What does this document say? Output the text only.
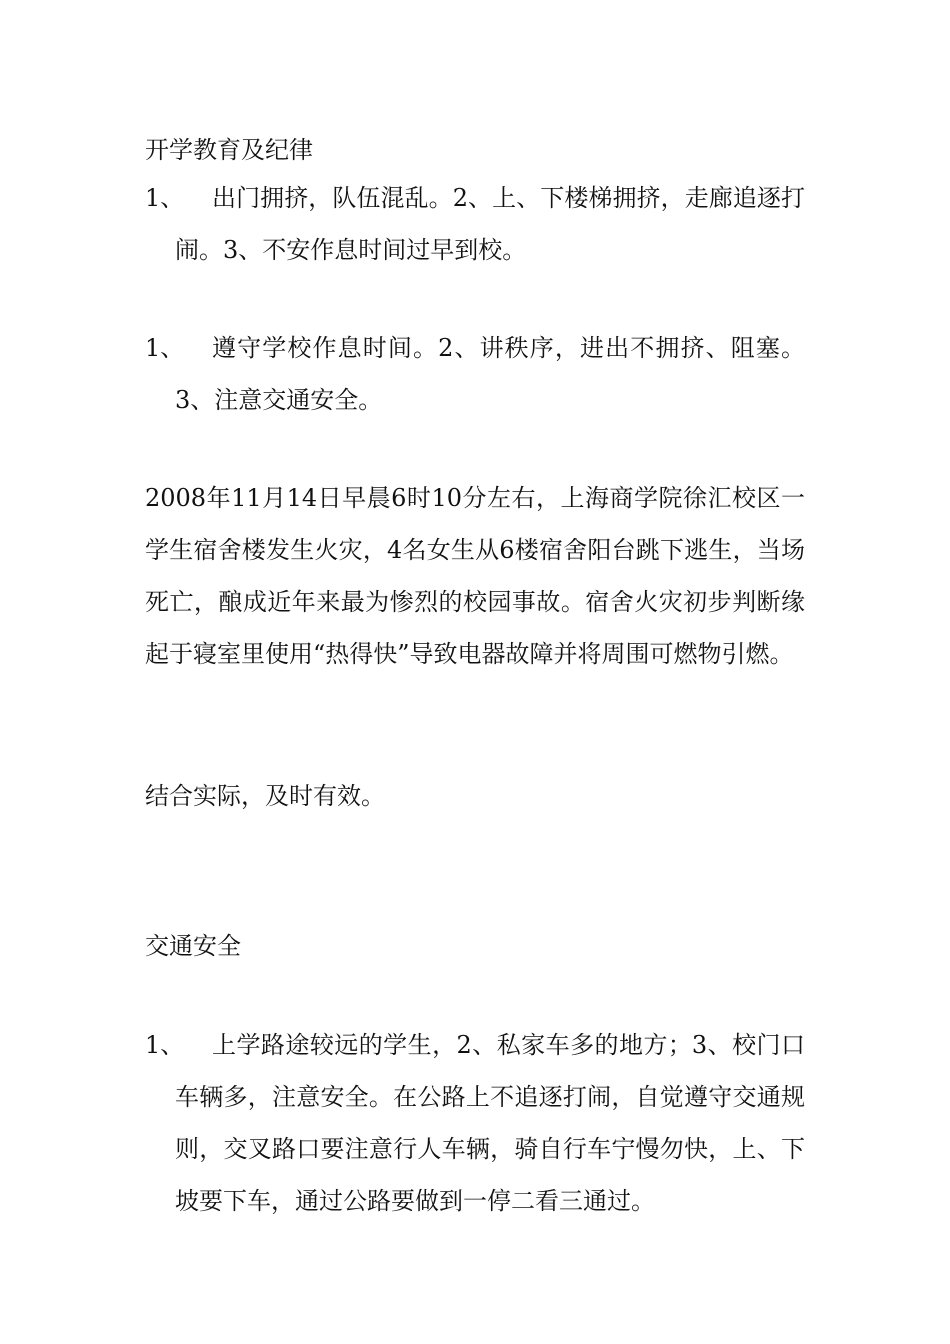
开学教育及纪律
1、	出门拥挤，队伍混乱。2、上、下楼梯拥挤，走廊追逐打闹。3、不安作息时间过早到校。
1、	遵守学校作息时间。2、讲秩序，进出不拥挤、阻塞。3、注意交通安全。
2008年11月14日早晨6时10分左右，上海商学院徐汇校区一学生宿舍楼发生火灾，4名女生从6楼宿舍阳台跳下逃生，当场死亡，酿成近年来最为惨烈的校园事故。宿舍火灾初步判断缘起于寝室里使用“热得快”导致电器故障并将周围可燃物引燃。
结合实际，及时有效。
交通安全
1、	上学路途较远的学生，2、私家车多的地方；3、校门口车辆多，注意安全。在公路上不追逐打闹，自觉遵守交通规则，交叉路口要注意行人车辆，骑自行车宁慢勿快，上、下坡要下车，通过公路要做到一停二看三通过。
